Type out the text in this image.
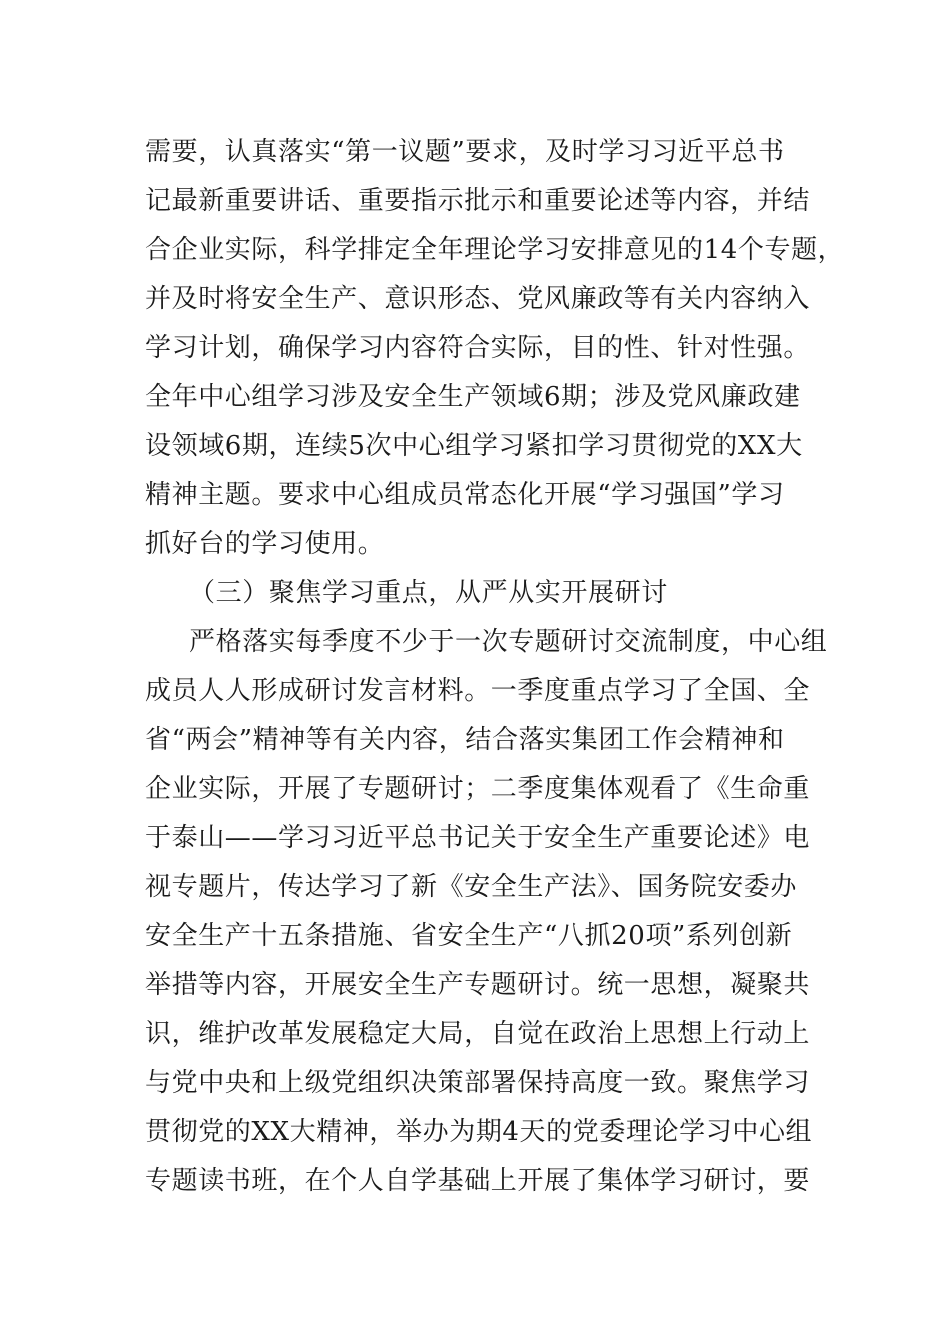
需要，认真落实“第一议题”要求，及时学习习近平总书
记最新重要讲话、重要指示批示和重要论述等内容，并结
合企业实际，科学排定全年理论学习安排意见的14个专题，
并及时将安全生产、意识形态、党风廉政等有关内容纳入
学习计划，确保学习内容符合实际，目的性、针对性强。
全年中心组学习涉及安全生产领域6期；涉及党风廉政建
设领域6期，连续5次中心组学习紧扣学习贯彻党的XX大
精神主题。要求中心组成员常态化开展“学习强国”学习
抓好台的学习使用。
（三）聚焦学习重点，从严从实开展研讨
严格落实每季度不少于一次专题研讨交流制度，中心组
成员人人形成研讨发言材料。一季度重点学习了全国、全
省“两会”精神等有关内容，结合落实集团工作会精神和
企业实际，开展了专题研讨；二季度集体观看了《生命重
于泰山——学习习近平总书记关于安全生产重要论述》电
视专题片，传达学习了新《安全生产法》、国务院安委办
安全生产十五条措施、省安全生产“八抓20项”系列创新
举措等内容，开展安全生产专题研讨。统一思想，凝聚共
识，维护改革发展稳定大局，自觉在政治上思想上行动上
与党中央和上级党组织决策部署保持高度一致。聚焦学习
贯彻党的XX大精神，举办为期4天的党委理论学习中心组
专题读书班，在个人自学基础上开展了集体学习研讨，要
